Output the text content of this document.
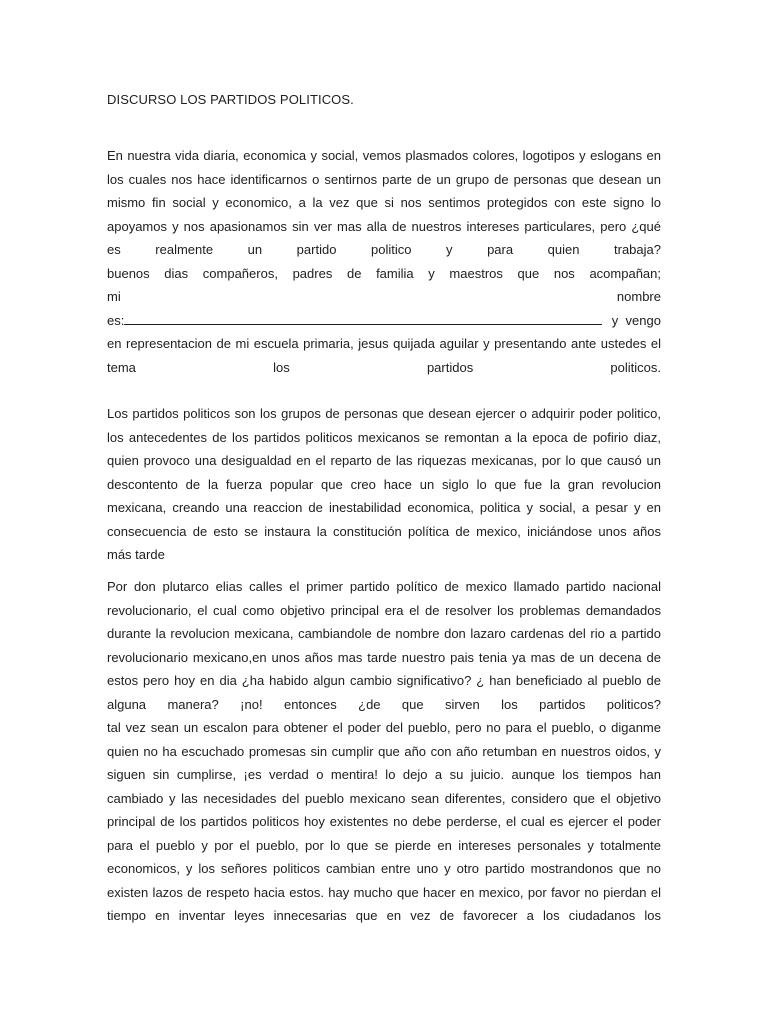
DISCURSO LOS PARTIDOS POLITICOS.
En nuestra vida diaria, economica y social, vemos plasmados colores, logotipos y eslogans en
los cuales nos hace identificarnos o sentirnos parte de un grupo de personas que desean un
mismo fin social y economico, a la vez que si nos sentimos protegidos con este signo lo
apoyamos y nos apasionamos sin ver mas alla de nuestros intereses particulares, pero ¿qué
es realmente un partido politico y para quien trabaja?
buenos dias compañeros, padres de familia y maestros que nos acompañan;
mi nombre
es:	y vengo
en representacion de mi escuela primaria, jesus quijada aguilar y presentando ante ustedes el
tema los partidos politicos.
Los partidos politicos son los grupos de personas que desean ejercer o adquirir poder politico,
los antecedentes de los partidos politicos mexicanos se remontan a la epoca de pofirio diaz,
quien provoco una desigualdad en el reparto de las riquezas mexicanas, por lo que causó un
descontento de la fuerza popular que creo hace un siglo lo que fue la gran revolucion
mexicana, creando una reaccion de inestabilidad economica, politica y social, a pesar y en
consecuencia de esto se instaura la constitución política de mexico, iniciándose unos años
más tarde
Por don plutarco elias calles el primer partido político de mexico llamado partido nacional
revolucionario, el cual como objetivo principal era el de resolver los problemas demandados
durante la revolucion mexicana, cambiandole de nombre don lazaro cardenas del rio a partido
revolucionario mexicano,en unos años mas tarde nuestro pais tenia ya mas de un decena de
estos pero hoy en dia ¿ha habido algun cambio significativo? ¿ han beneficiado al pueblo de
alguna manera? ¡no! entonces ¿de que sirven los partidos politicos?
tal vez sean un escalon para obtener el poder del pueblo, pero no para el pueblo, o diganme
quien no ha escuchado promesas sin cumplir que año con año retumban en nuestros oidos, y
siguen sin cumplirse, ¡es verdad o mentira! lo dejo a su juicio. aunque los tiempos han
cambiado y las necesidades del pueblo mexicano sean diferentes, considero que el objetivo
principal de los partidos politicos hoy existentes no debe perderse, el cual es ejercer el poder
para el pueblo y por el pueblo, por lo que se pierde en intereses personales y totalmente
economicos, y los señores politicos cambian entre uno y otro partido mostrandonos que no
existen lazos de respeto hacia estos. hay mucho que hacer en mexico, por favor no pierdan el
tiempo en inventar leyes innecesarias que en vez de favorecer a los ciudadanos los
